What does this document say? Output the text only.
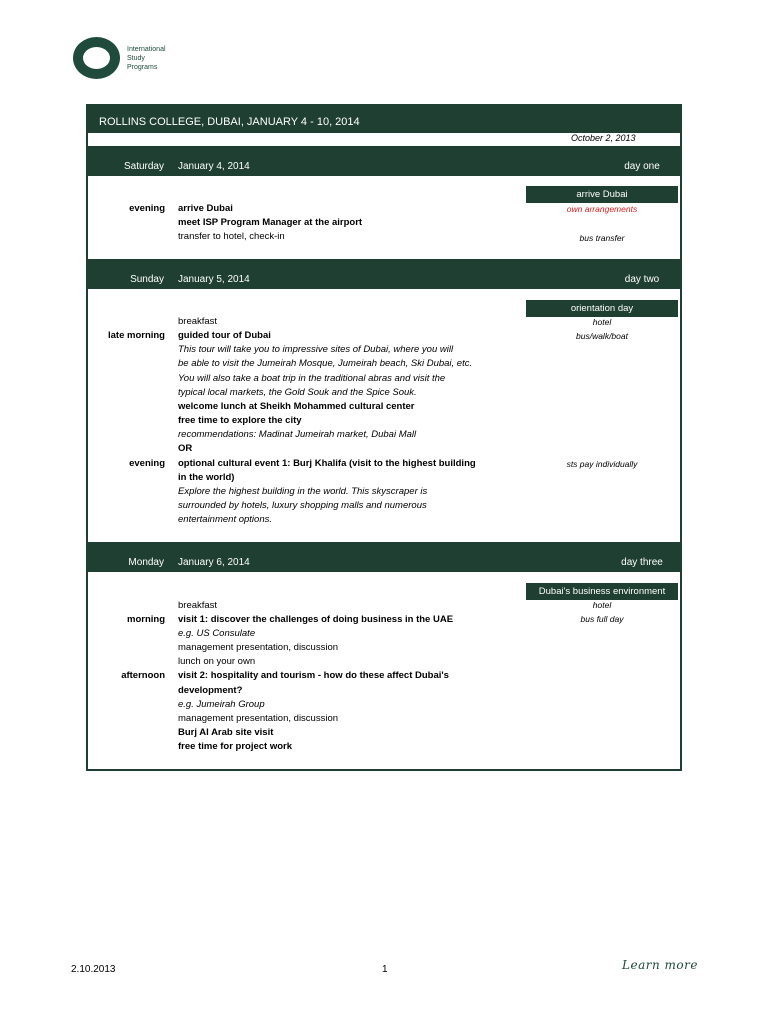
International
Study
Programs
ROLLINS COLLEGE, DUBAI, JANUARY 4 - 10, 2014
October 2, 2013
Saturday January 4, 2014	day one
arrive Dubai
evening arrive Dubai	own arrangements
meet ISP Program Manager at the airport
transfer to hotel, check-in	bus transfer
Sunday January 5, 2014	day two
orientation day
breakfast	hotel
late morning guided tour of Dubai	bus/walk/boat
This tour will take you to impressive sites of Dubai, where you will
be able to visit the Jumeirah Mosque, Jumeirah beach, Ski Dubai, etc.
You will also take a boat trip in the traditional abras and visit the
typical local markets, the Gold Souk and the Spice Souk.
welcome lunch at Sheikh Mohammed cultural center
free time to explore the city
recommendations: Madinat Jumeirah market, Dubai Mall
OR
evening optional cultural event 1: Burj Khalifa (visit to the highest building	sts pay individually
in the world)
Explore the highest building in the world. This skyscraper is
surrounded by hotels, luxury shopping malls and numerous
entertainment options.
Monday January 6, 2014	day three
Dubai's business environment
breakfast	hotel
morning visit 1: discover the challenges of doing business in the UAE	bus full day
e.g. US Consulate
management presentation, discussion
lunch on your own
afternoon visit 2: hospitality and tourism - how do these affect Dubai's
development?
e.g. Jumeirah Group
management presentation, discussion
Burj Al Arab site visit
free time for project work
2.10.2013	1	Learn more
